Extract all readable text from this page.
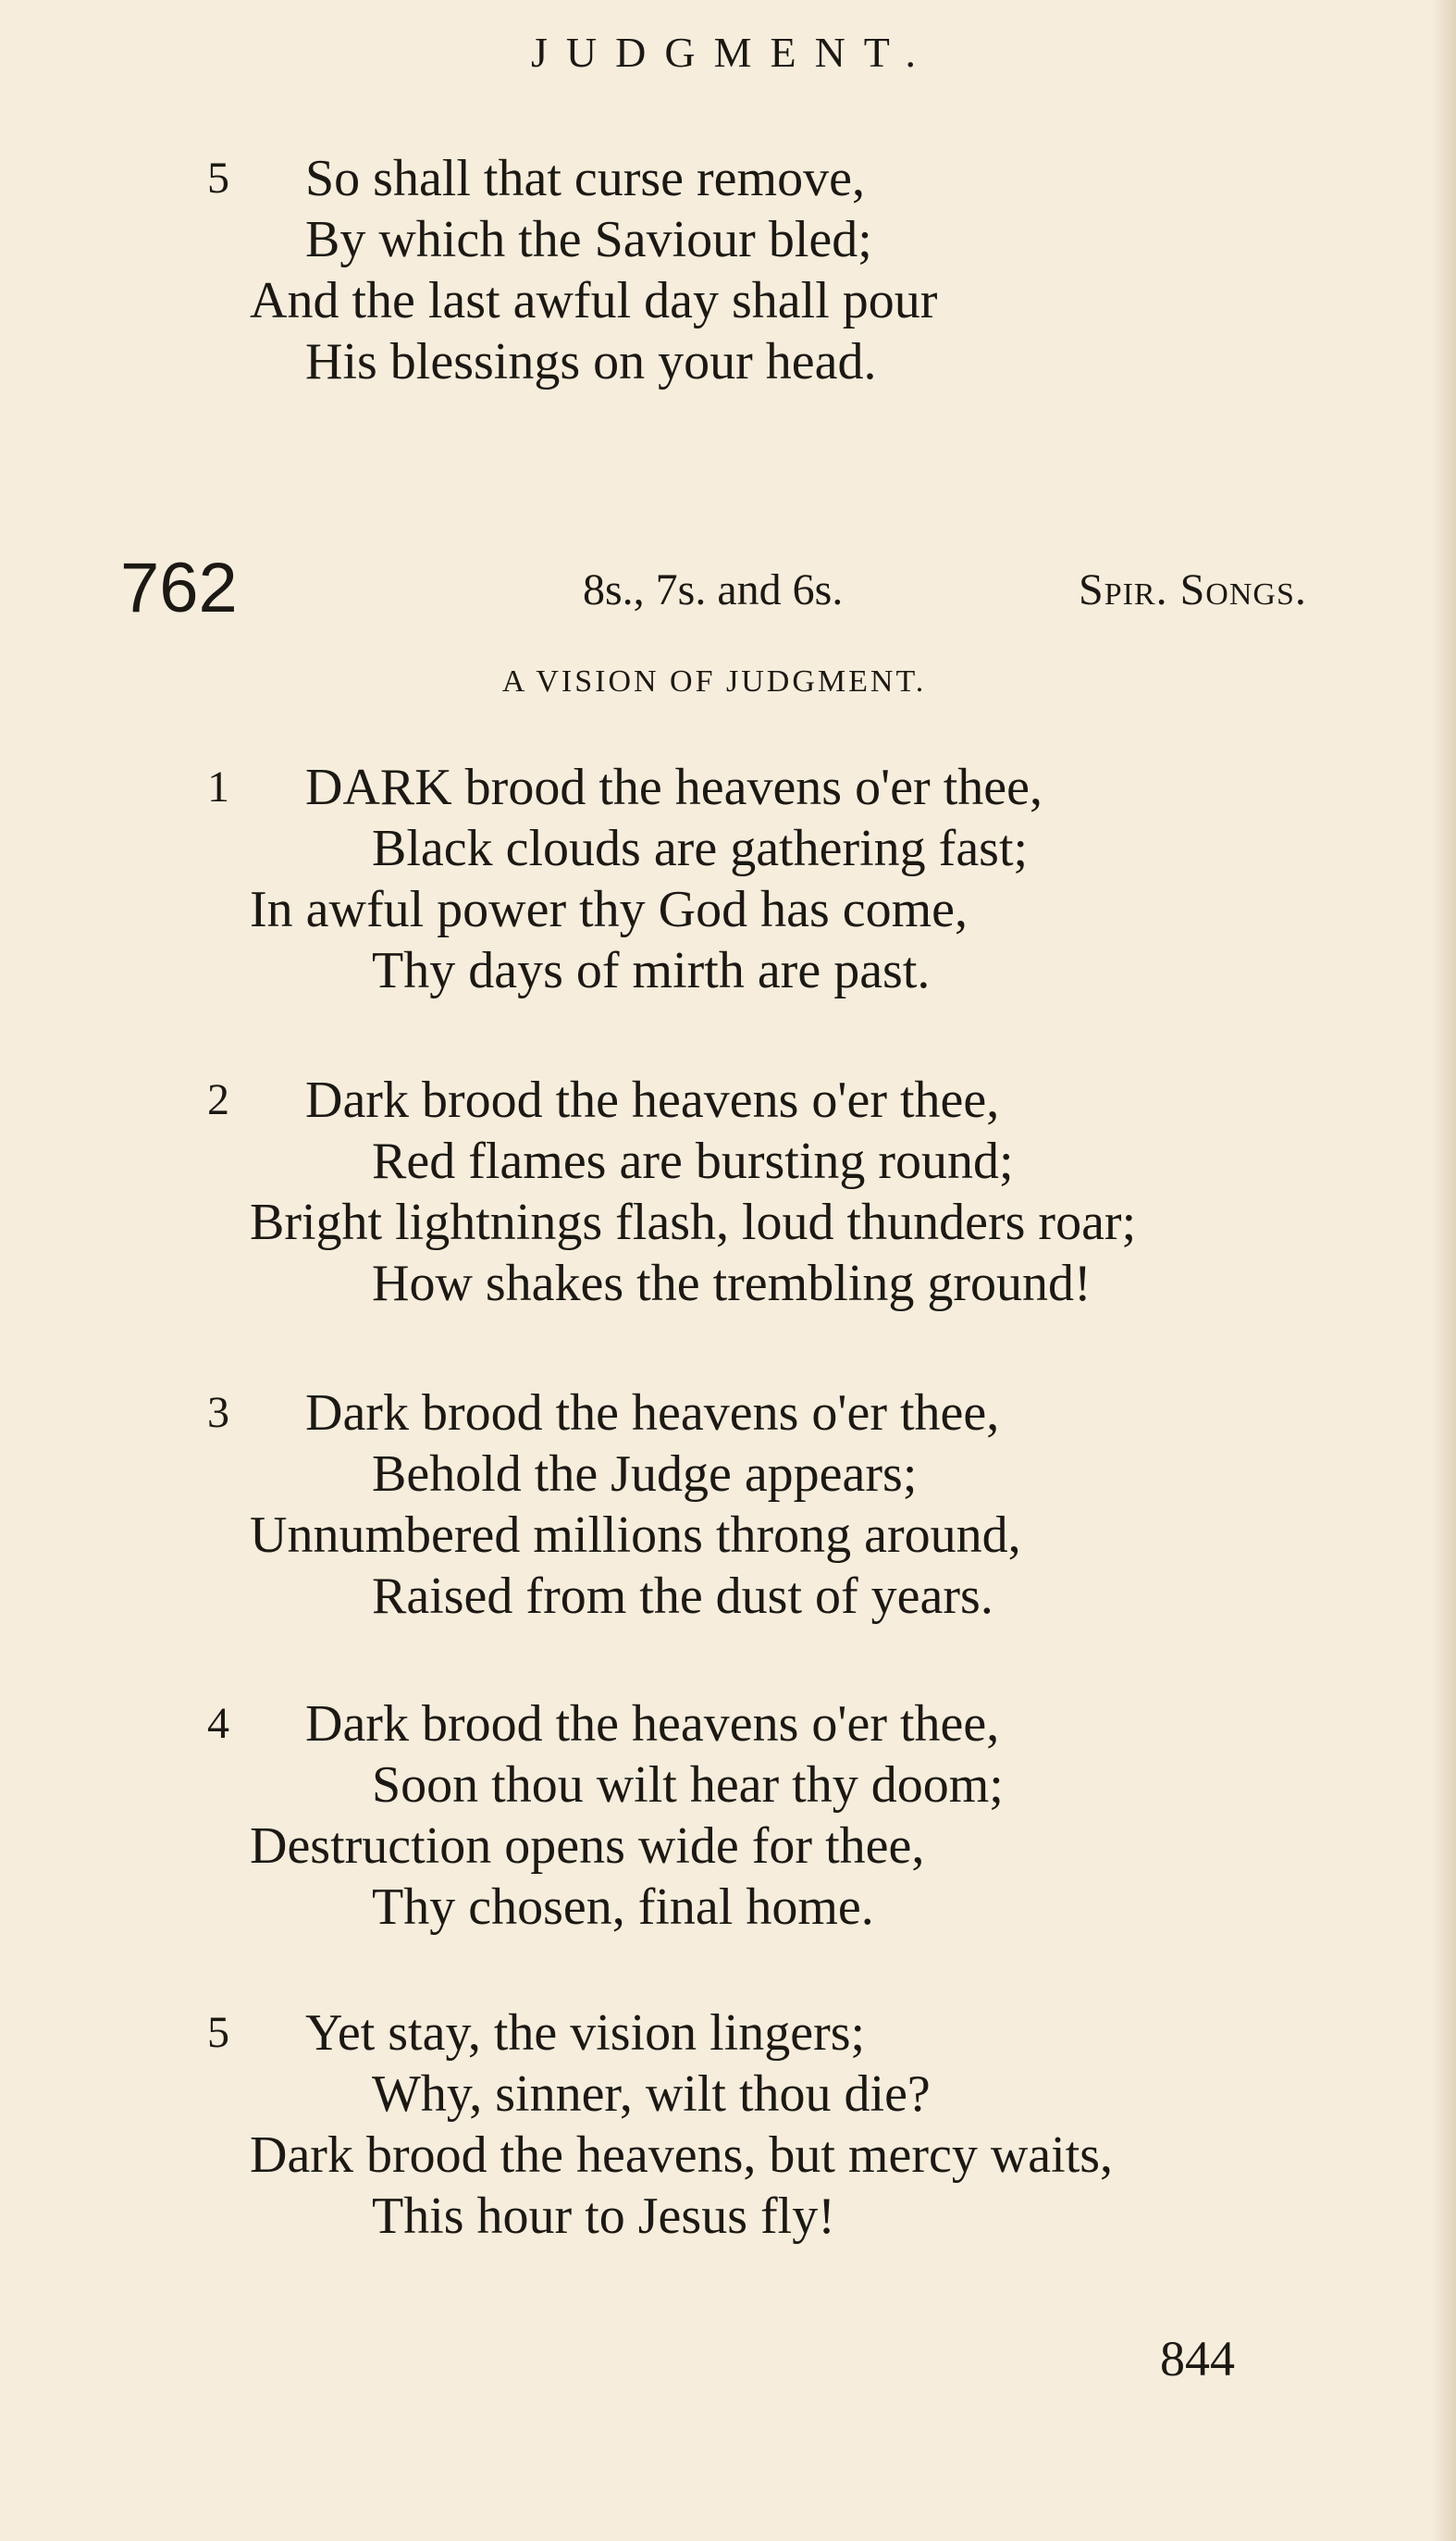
JUDGMENT.
5 So shall that curse remove,
By which the Saviour bled;
And the last awful day shall pour
His blessings on your head.
762	8s., 7s. and 6s.	Spir. Songs.
A VISION OF JUDGMENT.
1 DARK brood the heavens o'er thee,
Black clouds are gathering fast;
In awful power thy God has come,
Thy days of mirth are past.
2 Dark brood the heavens o'er thee,
Red flames are bursting round;
Bright lightnings flash, loud thunders roar;
How shakes the trembling ground!
3 Dark brood the heavens o'er thee,
Behold the Judge appears;
Unnumbered millions throng around,
Raised from the dust of years.
4 Dark brood the heavens o'er thee,
Soon thou wilt hear thy doom;
Destruction opens wide for thee,
Thy chosen, final home.
5 Yet stay, the vision lingers;
Why, sinner, wilt thou die?
Dark brood the heavens, but mercy waits,
This hour to Jesus fly!
844
